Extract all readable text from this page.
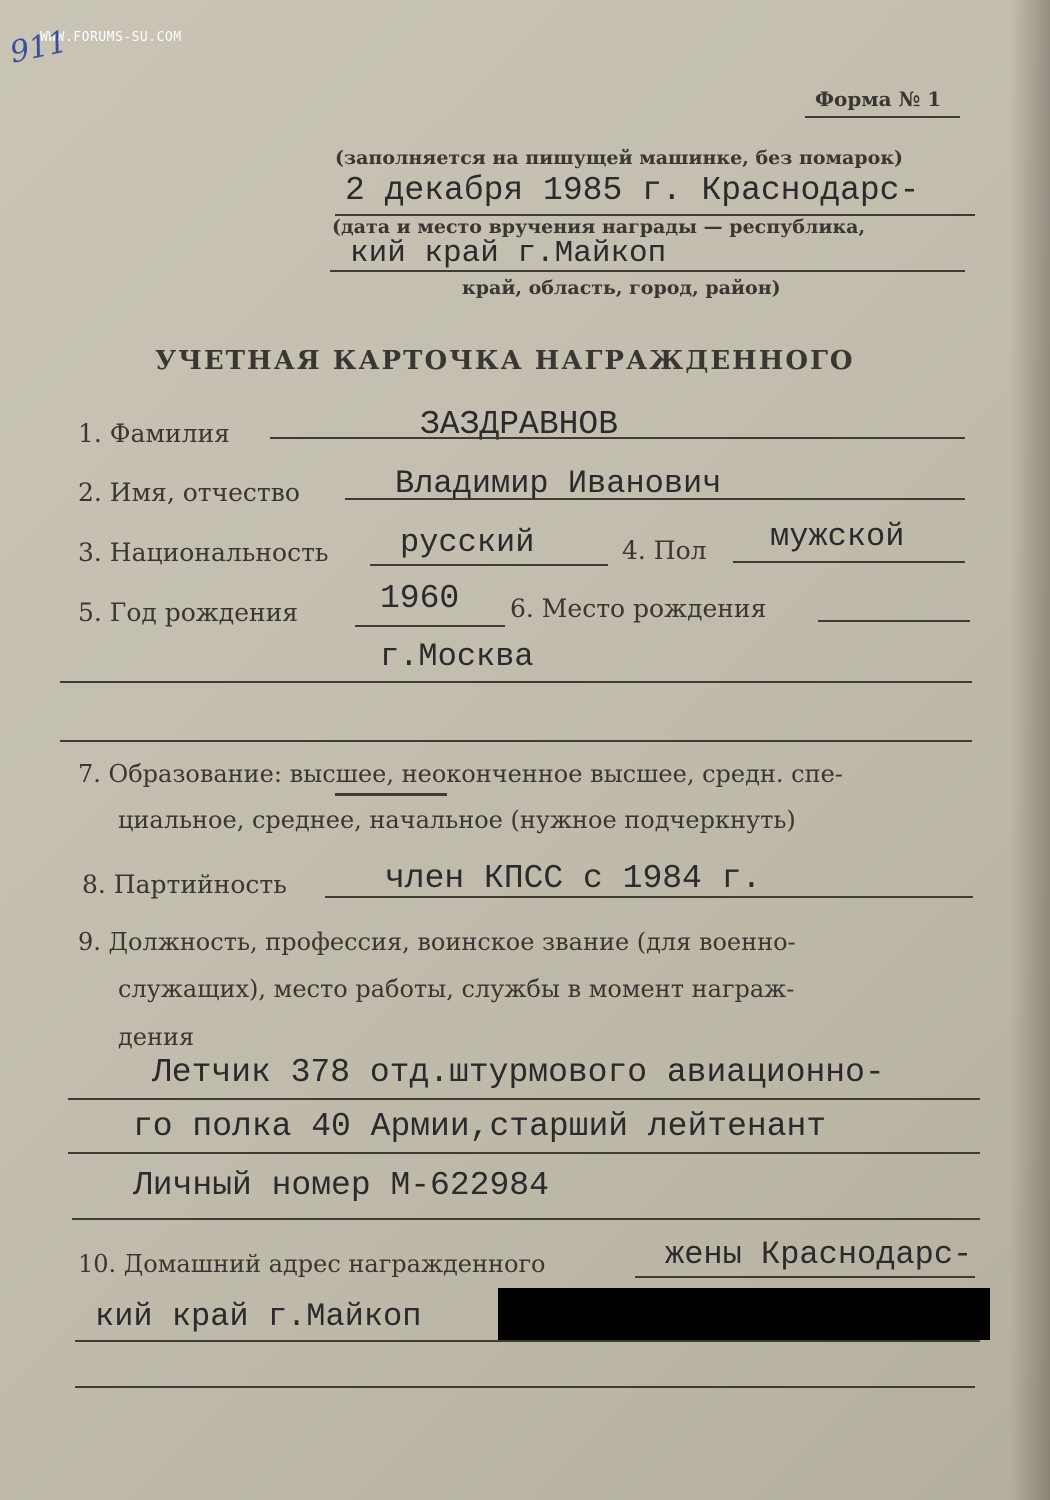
WWW.FORUMS-SU.COM
911
Форма № 1
(заполняется на пишущей машинке, без помарок)
2 декабря 1985 г. Краснодарс-
(дата и место вручения награды — республика,
кий край г.Майкоп
край, область, город, район)
УЧЕТНАЯ КАРТОЧКА НАГРАЖДЕННОГО
1. Фамилия	ЗАЗДРАВНОВ
2. Имя, отчество	Владимир Иванович
3. Национальность русский	4. Пол мужской
5. Год рождения 1960 6. Место рождения
г.Москва
7. Образование: высшее, неоконченное высшее, средн. спе-
циальное, среднее, начальное (нужное подчеркнуть)
8. Партийность	член КПСС с 1984 г.
9. Должность, профессия, воинское звание (для военно-
служащих), место работы, службы в момент награж-
дения
Летчик 378 отд.штурмового авиационно-
го полка 40 Армии,старший лейтенант
Личный номер М-622984
10. Домашний адрес награжденного	жены Краснодарс-
кий край г.Майкоп
